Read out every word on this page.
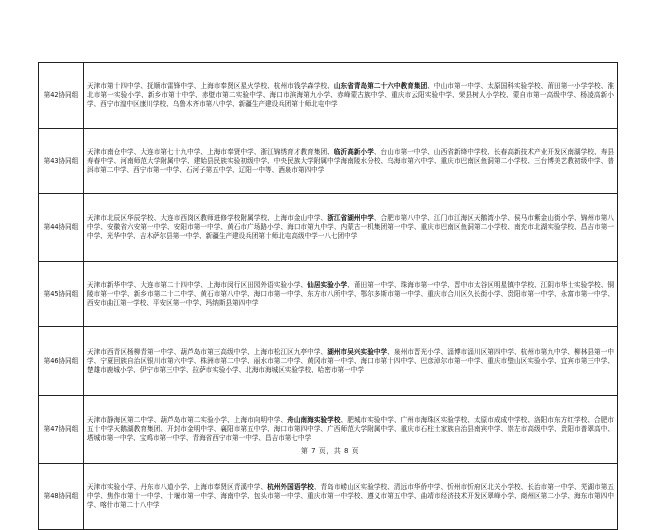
第42协同组	天津市第十四中学、抚顺市雷锋中学、上海市奉贤区星火学校、杭州市钱学森学校、山东省青岛第二十六中教育集团、中山市第一中学、太原国科实验学校、莆田第一小学学校、淮北市第一实验小学、新乡市第十中学、赤壁市第二实验中学、海口市滨海第九小学、赤峰蒙古族中学、重庆市云阳实验中学、荣县树人小学校、蒙自市第一高级中学、杨凌高新小学、西宁市湟中区康川学校、乌鲁木齐市第八中学、新疆生产建设兵团第十师北屯中学
第43协同组	天津市南仓中学、大连市第七十九中学、上海市奉贤中学、浙江锦绣育才教育集团、临沂高新小学、台山市第一中学、山西省新绛中学校、长春高新技术产业开发区南湖学校、寿县寿春中学、河南师范大学附属中学、建始县民族实验初级中学、中央民族大学附属中学海南陵水分校、乌海市第六中学、重庆市巴南区鱼洞第二小学校、三台博美艺教初级中学、普洱市第二中学、西宁市第一中学、石河子第五中学、辽阳一中等、酒泉市第四中学
第44协同组	天津市北辰区华辰学校、大连市西岗区教师进修学校附属学校、上海市金山中学、浙江省湖州中学、合肥市第八中学、江门市江海区天鹅湾小学、侯马市紫金山街小学、锦州市第八中学、安徽省六安第一中学、安阳市第一中学、黄石市广场路小学、海口市第九中学、内蒙古一机集团第一中学、重庆市巴南区鱼洞第二小学校、南充市北湖实验学校、昌吉市第一中学、光华中学、吉木萨尔县第一中学、新疆生产建设兵团第十师北屯高级中学一八七团中学
第45协同组	天津市新华中学、大连市第二十四中学、上海市闵行区田园外语实验小学、仙居实验小学、莆田第一中学、珠海市第一中学、晋中市太谷区明星镇中学校、江阴市华士实验学校、铜陵市第一中学、新乡市第二十二中学、黄石市第八中学、海口市第一中学、东方市八所中学、鄂尔多斯市第一中学、重庆市合川区久长街小学、贵阳市第一中学、永富市第一中学、西安市曲江第一学校、平安区第一中学、玛纳斯县第四中学
第46协同组	天津市西青区杨柳青第一中学、葫芦岛市第三高级中学、上海市松江区九亭中学、湖州市吴兴实验中学、泉州市晋光小学、淄博市淄川区第四中学、杭州市第九中学、柳林县第一中学、宁夏回族自治区银川市第六中学、株洲市第二中学、丽水市第二中学、黄冈市第一中学、海口市第十四中学、巴彦淖尔市第一中学、重庆市璧山区实验小学、宜宾市第三中学、楚雄市鹿城小学、伊宁市第三中学、拉萨市实验小学、北海市海城区实验学校、哈密市第一中学
第47协同组	天津市静海区第二中学、葫芦岛市第二实验小学、上海市向明中学、舟山南海实验学校、肥城市实验中学、广州市海珠区实验学校、太原市成成中学校、洛阳市东方红学校、合肥市五十中学天鹅湖教育集团、开封市金明中学、襄阳市第五中学、海口市第四中学、广西师范大学附属中学、重庆市石柱土家族自治县南宾中学、崇左市高级中学、贵阳市普翠高中、塔城市第一中学、宝鸡市第一中学、青海省西宁市第一中学、昌吉市第七中学
第48协同组	天津市实验小学、丹东市八道小学、上海市奉贤区青溪中学、杭州外国语学校、青岛市崂山区实验学校、清远市华侨中学、忻州市忻府区北关小学校、长治市第一中学、芜湖市第五中学、焦作市第十一中学、十堰市第一中学、海南中学、包头市第一中学、重庆市第一中学校、遵义市第五中学、曲靖市经济技术开发区翠峰小学、商州区第二小学、海东市第四中学、喀什市第二十八中学
第 7 页，共 8 页
